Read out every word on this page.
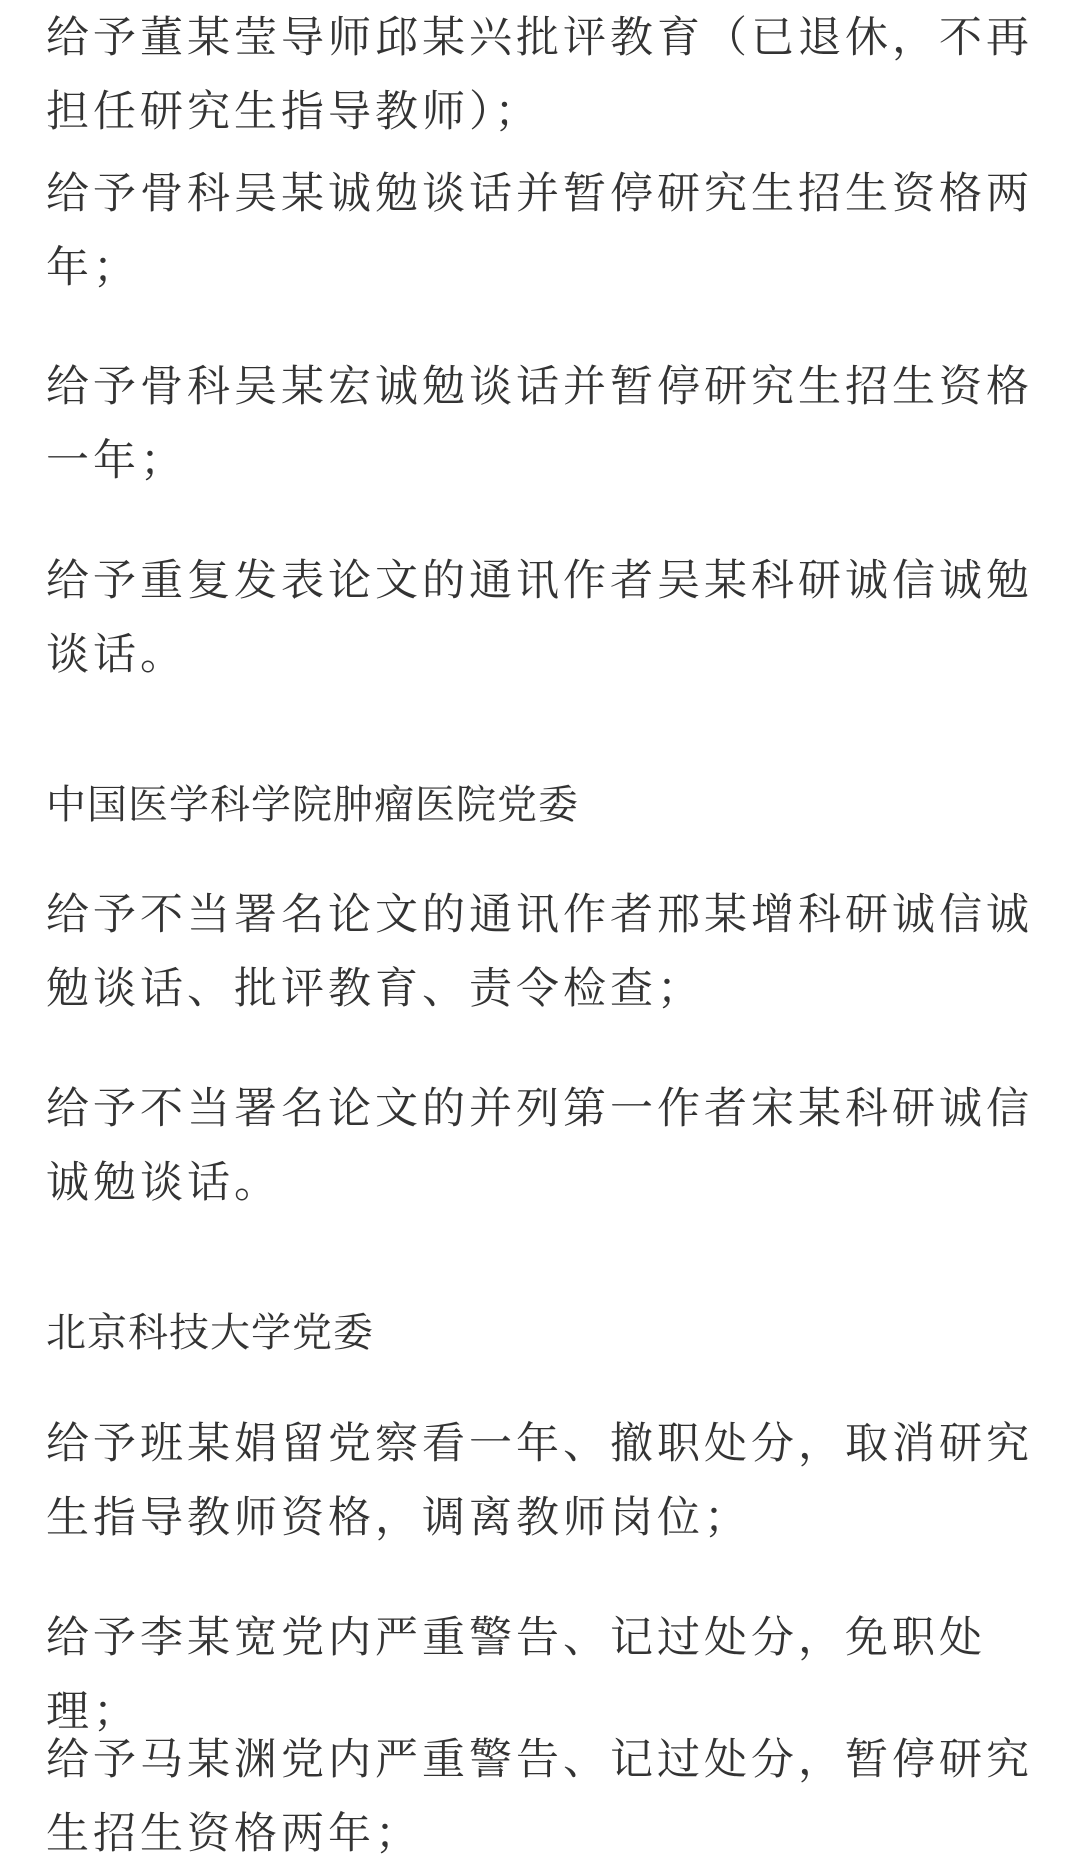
给予董某莹导师邱某兴批评教育（已退休，不再担任研究生指导教师）；

给予骨科吴某诚勉谈话并暂停研究生招生资格两年；

给予骨科吴某宏诚勉谈话并暂停研究生招生资格一年；

给予重复发表论文的通讯作者吴某科研诚信诚勉谈话。

中国医学科学院肿瘤医院党委

给予不当署名论文的通讯作者邢某增科研诚信诚勉谈话、批评教育、责令检查；

给予不当署名论文的并列第一作者宋某科研诚信诚勉谈话。

北京科技大学党委

给予班某娟留党察看一年、撤职处分，取消研究生指导教师资格，调离教师岗位；

给予李某宽党内严重警告、记过处分，免职处理；

给予马某渊党内严重警告、记过处分，暂停研究生招生资格两年；
